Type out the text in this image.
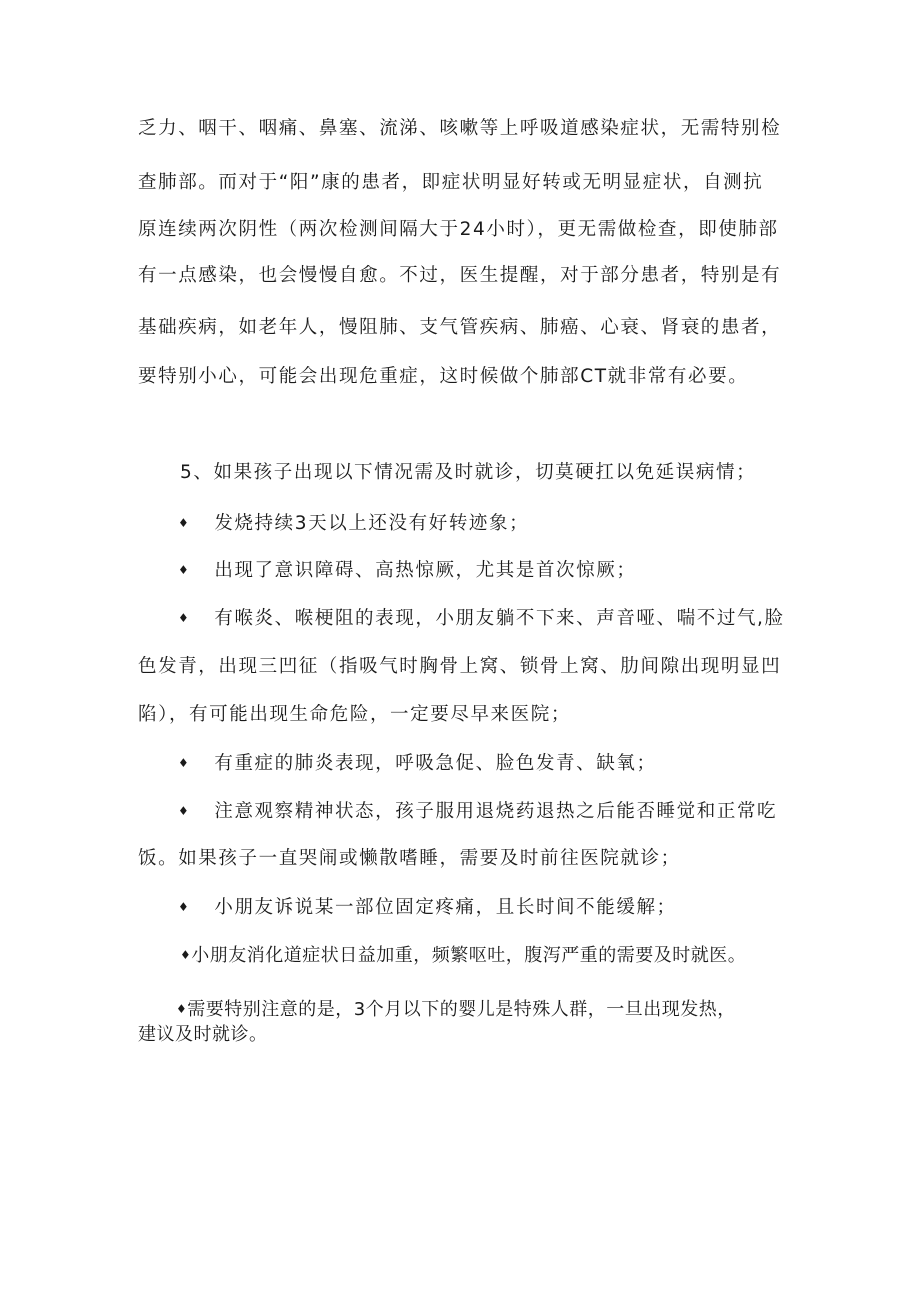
乏力、咽干、咽痛、鼻塞、流涕、咳嗽等上呼吸道感染症状，无需特别检

查肺部。而对于“阳”康的患者，即症状明显好转或无明显症状，自测抗

原连续两次阴性（两次检测间隔大于24小时），更无需做检查，即使肺部

有一点感染，也会慢慢自愈。不过，医生提醒，对于部分患者，特别是有

基础疾病，如老年人，慢阻肺、支气管疾病、肺癌、心衰、肾衰的患者，

要特别小心，可能会出现危重症，这时候做个肺部CT就非常有必要。

5、如果孩子出现以下情况需及时就诊，切莫硬扛以免延误病情；

♦ 发烧持续3天以上还没有好转迹象；

♦ 出现了意识障碍、高热惊厥，尤其是首次惊厥；

♦ 有喉炎、喉梗阻的表现，小朋友躺不下来、声音哑、喘不过气,脸

色发青，出现三凹征（指吸气时胸骨上窝、锁骨上窝、肋间隙出现明显凹

陷），有可能出现生命危险，一定要尽早来医院；

♦ 有重症的肺炎表现，呼吸急促、脸色发青、缺氧；

♦ 注意观察精神状态，孩子服用退烧药退热之后能否睡觉和正常吃

饭。如果孩子一直哭闹或懒散嗜睡，需要及时前往医院就诊；

♦ 小朋友诉说某一部位固定疼痛，且长时间不能缓解；

♦小朋友消化道症状日益加重，频繁呕吐，腹泻严重的需要及时就医。

♦需要特别注意的是，3个月以下的婴儿是特殊人群，一旦出现发热，

建议及时就诊。
